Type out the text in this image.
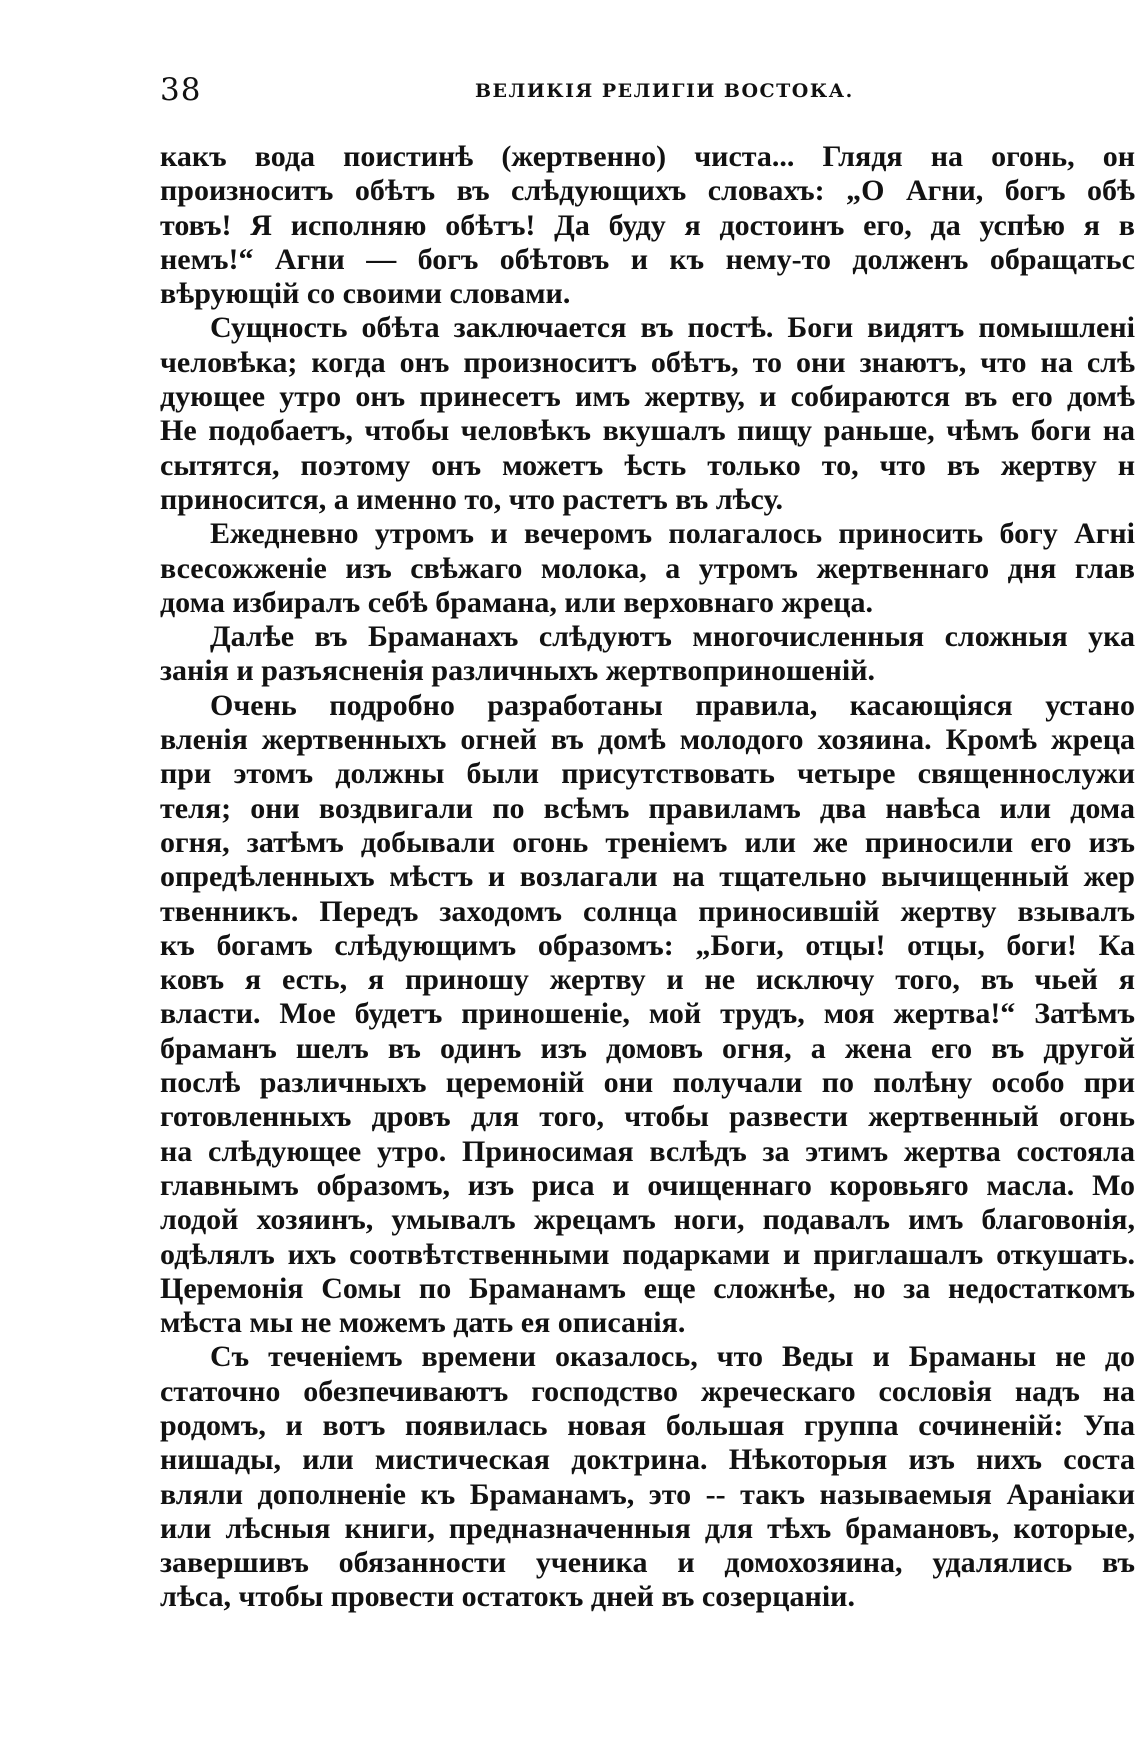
38	ВЕЛИКІЯ РЕЛИГІИ ВОСТОКА.
какъ вода поистинѣ (жертвенно) чиста... Глядя на огонь, он
произноситъ обѣтъ въ слѣдующихъ словахъ: „О Агни, богъ обѣ
товъ! Я исполняю обѣтъ! Да буду я достоинъ его, да успѣю я в
немъ!“ Агни — богъ обѣтовъ и къ нему-то долженъ обращатьс
вѣрующій со своими словами.
Сущность обѣта заключается въ постѣ. Боги видятъ помышлені
человѣка; когда онъ произноситъ обѣтъ, то они знаютъ, что на слѣ
дующее утро онъ принесетъ имъ жертву, и собираются въ его домѣ
Не подобаетъ, чтобы человѣкъ вкушалъ пищу раньше, чѣмъ боги на
сытятся, поэтому онъ можетъ ѣсть только то, что въ жертву н
приносится, а именно то, что растетъ въ лѣсу.
Ежедневно утромъ и вечеромъ полагалось приносить богу Агні
всесожженіе изъ свѣжаго молока, а утромъ жертвеннаго дня глав
дома избиралъ себѣ брамана, или верховнаго жреца.
Далѣе въ Браманахъ слѣдуютъ многочисленныя сложныя ука
занія и разъясненія различныхъ жертвоприношеній.
Очень подробно разработаны правила, касающіяся устано
вленія жертвенныхъ огней въ домѣ молодого хозяина. Кромѣ жреца
при этомъ должны были присутствовать четыре священнослужи
теля; они воздвигали по всѣмъ правиламъ два навѣса или дома
огня, затѣмъ добывали огонь треніемъ или же приносили его изъ
опредѣленныхъ мѣстъ и возлагали на тщательно вычищенный жер
твенникъ. Передъ заходомъ солнца приносившій жертву взывалъ
къ богамъ слѣдующимъ образомъ: „Боги, отцы! отцы, боги! Ка
ковъ я есть, я приношу жертву и не исключу того, въ чьей я
власти. Мое будетъ приношеніе, мой трудъ, моя жертва!“ Затѣмъ
браманъ шелъ въ одинъ изъ домовъ огня, а жена его въ другой
послѣ различныхъ церемоній они получали по полѣну особо при
готовленныхъ дровъ для того, чтобы развести жертвенный огонь
на слѣдующее утро. Приносимая вслѣдъ за этимъ жертва состояла
главнымъ образомъ, изъ риса и очищеннаго коровьяго масла. Мо
лодой хозяинъ, умывалъ жрецамъ ноги, подавалъ имъ благовонія,
одѣлялъ ихъ соотвѣтственными подарками и приглашалъ откушать.
Церемонія Сомы по Браманамъ еще сложнѣе, но за недостаткомъ
мѣста мы не можемъ дать ея описанія.
Съ теченіемъ времени оказалось, что Веды и Браманы не до
статочно обезпечиваютъ господство жреческаго сословія надъ на
родомъ, и вотъ появилась новая большая группа сочиненій: Упа
нишады, или мистическая доктрина. Нѣкоторыя изъ нихъ соста
вляли дополненіе къ Браманамъ, это -- такъ называемыя Араніаки
или лѣсныя книги, предназначенныя для тѣхъ брамановъ, которые,
завершивъ обязанности ученика и домохозяина, удалялись въ
лѣса, чтобы провести остатокъ дней въ созерцаніи.
